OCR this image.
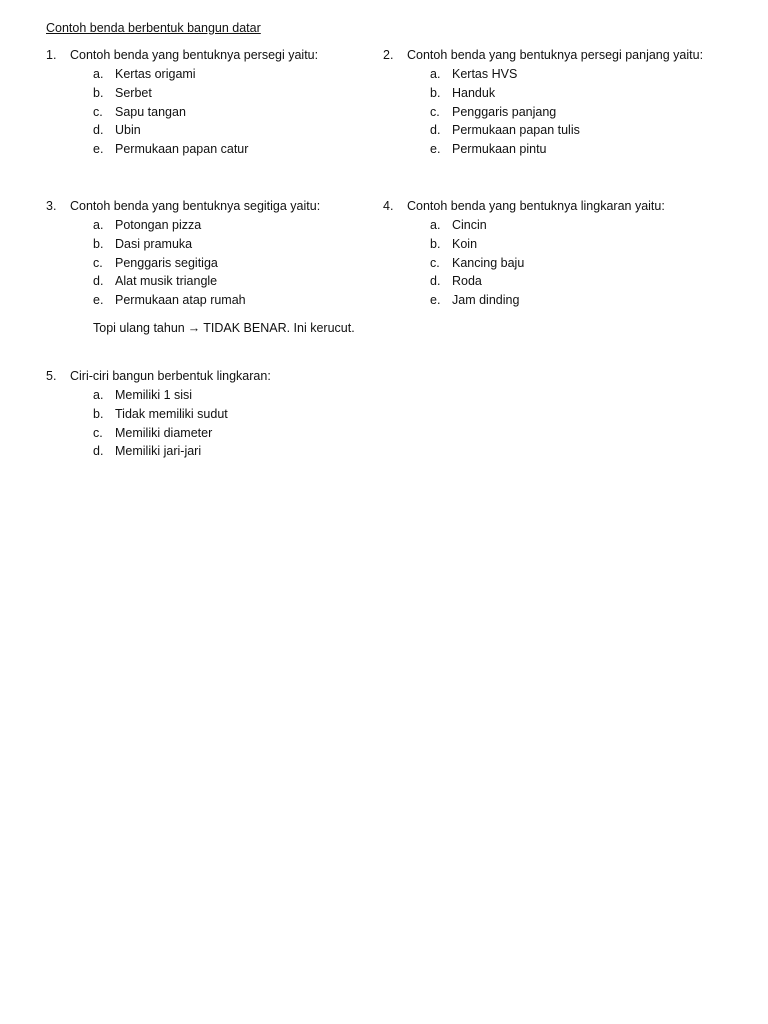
Contoh benda berbentuk bangun datar
1. Contoh benda yang bentuknya persegi yaitu:
a. Kertas origami
b. Serbet
c. Sapu tangan
d. Ubin
e. Permukaan papan catur
2. Contoh benda yang bentuknya persegi panjang yaitu:
a. Kertas HVS
b. Handuk
c. Penggaris panjang
d. Permukaan papan tulis
e. Permukaan pintu
3. Contoh benda yang bentuknya segitiga yaitu:
a. Potongan pizza
b. Dasi pramuka
c. Penggaris segitiga
d. Alat musik triangle
e. Permukaan atap rumah
Topi ulang tahun → TIDAK BENAR. Ini kerucut.
4. Contoh benda yang bentuknya lingkaran yaitu:
a. Cincin
b. Koin
c. Kancing baju
d. Roda
e. Jam dinding
5. Ciri-ciri bangun berbentuk lingkaran:
a. Memiliki 1 sisi
b. Tidak memiliki sudut
c. Memiliki diameter
d. Memiliki jari-jari
